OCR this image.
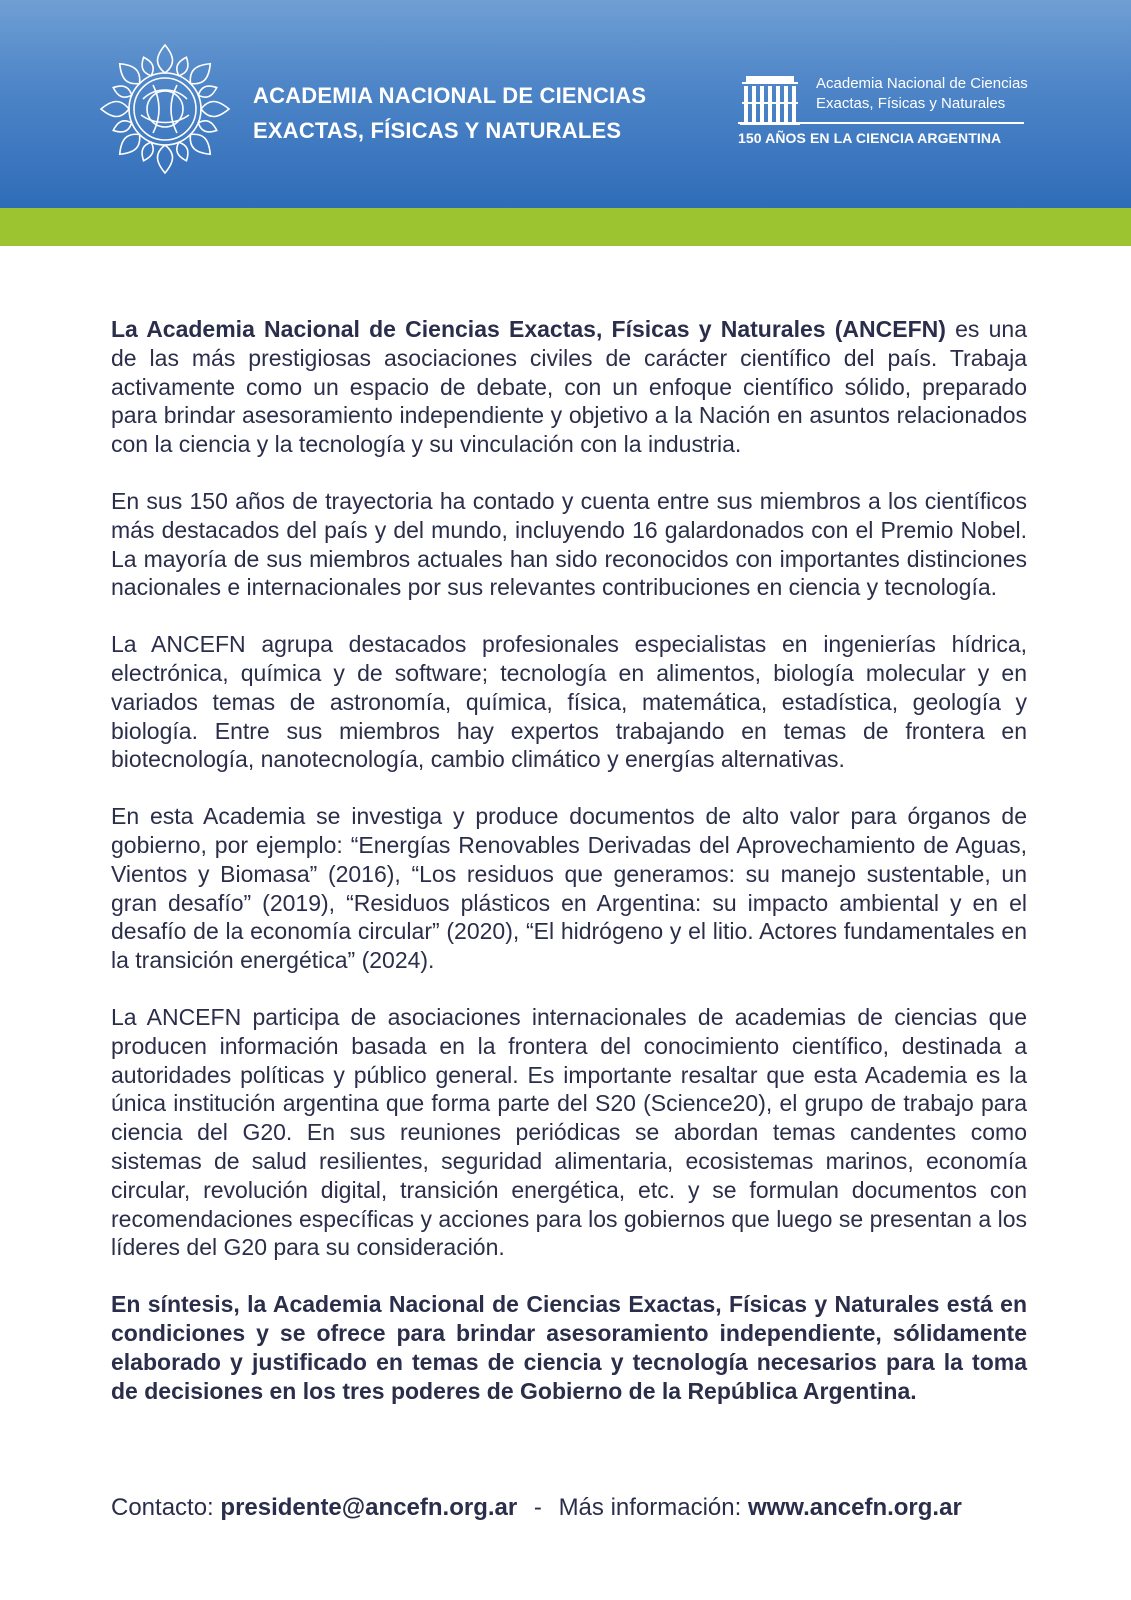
ACADEMIA NACIONAL DE CIENCIAS
EXACTAS, FÍSICAS Y NATURALES
Academia Nacional de Ciencias
Exactas, Físicas y Naturales
150 AÑOS EN LA CIENCIA ARGENTINA

La Academia Nacional de Ciencias Exactas, Físicas y Naturales (ANCEFN) es una de las más prestigiosas asociaciones civiles de carácter científico del país. Trabaja activamente como un espacio de debate, con un enfoque científico sólido, preparado para brindar asesoramiento independiente y objetivo a la Nación en asuntos relacionados con la ciencia y la tecnología y su vinculación con la industria.

En sus 150 años de trayectoria ha contado y cuenta entre sus miembros a los científicos más destacados del país y del mundo, incluyendo 16 galardonados con el Premio Nobel. La mayoría de sus miembros actuales han sido reconocidos con importantes distinciones nacionales e internacionales por sus relevantes contribuciones en ciencia y tecnología.

La ANCEFN agrupa destacados profesionales especialistas en ingenierías hídrica, electrónica, química y de software; tecnología en alimentos, biología molecular y en variados temas de astronomía, química, física, matemática, estadística, geología y biología. Entre sus miembros hay expertos trabajando en temas de frontera en biotecnología, nanotecnología, cambio climático y energías alternativas.

En esta Academia se investiga y produce documentos de alto valor para órganos de gobierno, por ejemplo: “Energías Renovables Derivadas del Aprovechamiento de Aguas, Vientos y Biomasa” (2016), “Los residuos que generamos: su manejo sustentable, un gran desafío” (2019), “Residuos plásticos en Argentina: su impacto ambiental y en el desafío de la economía circular” (2020), “El hidrógeno y el litio. Actores fundamentales en la transición energética” (2024).

La ANCEFN participa de asociaciones internacionales de academias de ciencias que producen información basada en la frontera del conocimiento científico, destinada a autoridades políticas y público general. Es importante resaltar que esta Academia es la única institución argentina que forma parte del S20 (Science20), el grupo de trabajo para ciencia del G20. En sus reuniones periódicas se abordan temas candentes como sistemas de salud resilientes, seguridad alimentaria, ecosistemas marinos, economía circular, revolución digital, transición energética, etc. y se formulan documentos con recomendaciones específicas y acciones para los gobiernos que luego se presentan a los líderes del G20 para su consideración.

En síntesis, la Academia Nacional de Ciencias Exactas, Físicas y Naturales está en condiciones y se ofrece para brindar asesoramiento independiente, sólidamente elaborado y justificado en temas de ciencia y tecnología necesarios para la toma de decisiones en los tres poderes de Gobierno de la República Argentina.

Contacto: presidente@ancefn.org.ar - Más información: www.ancefn.org.ar
